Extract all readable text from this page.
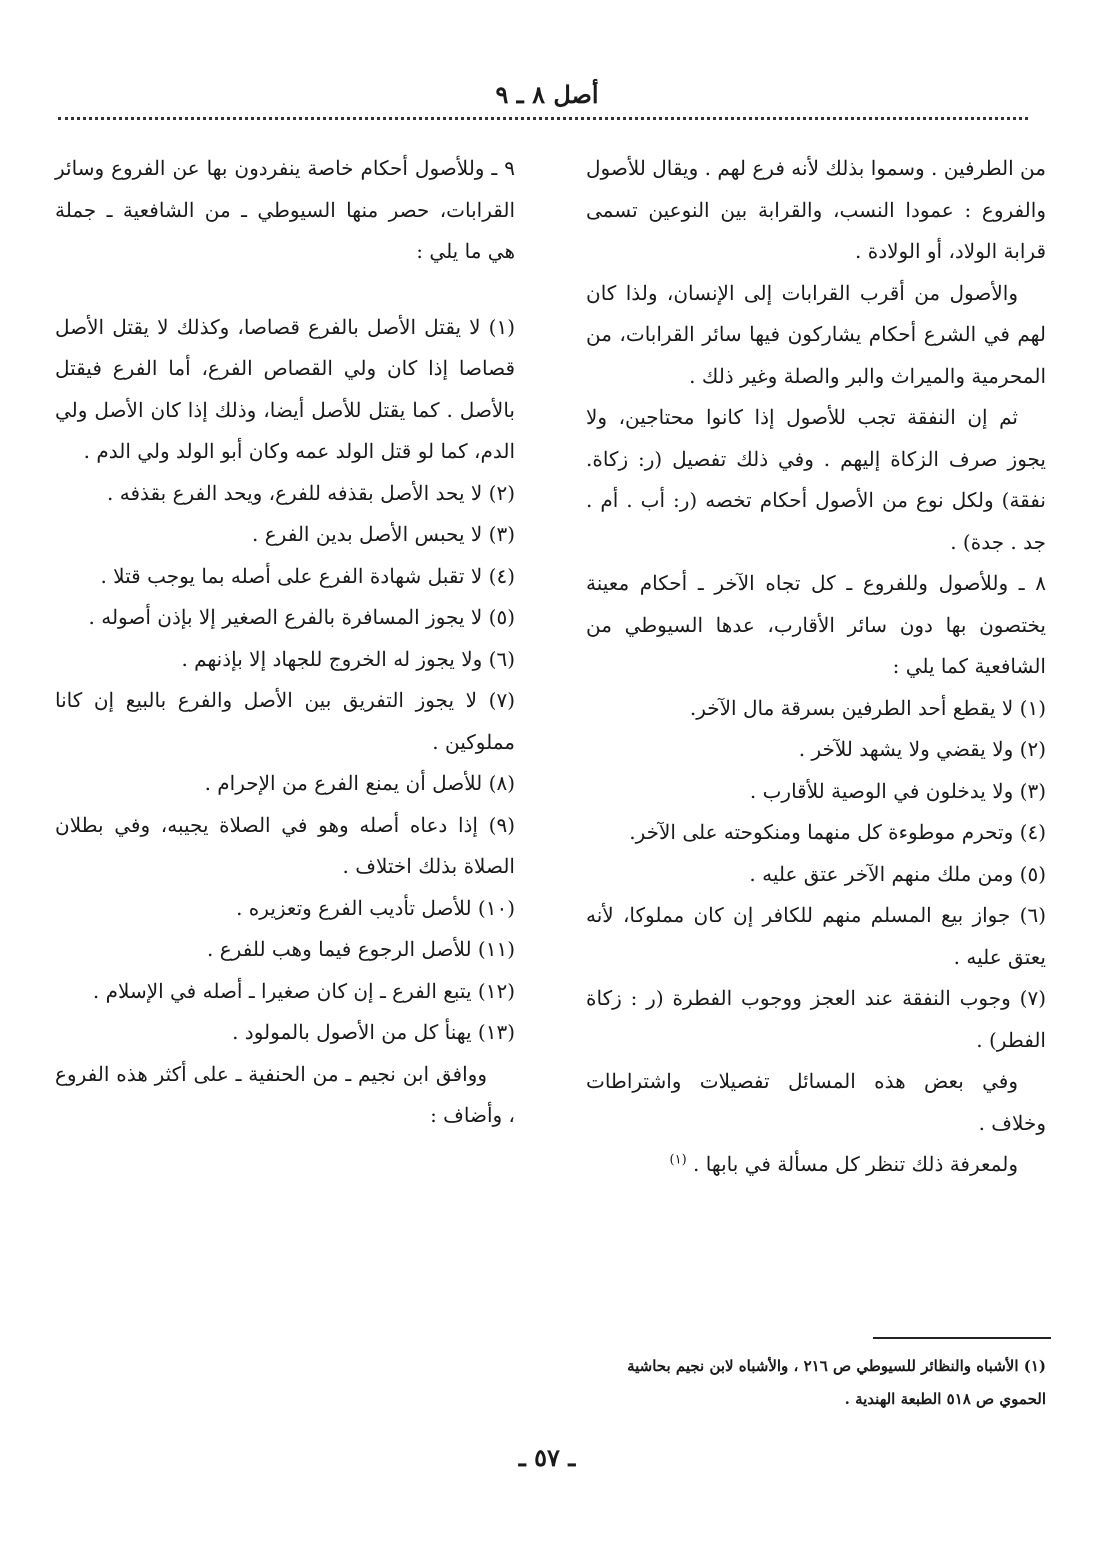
أصل ٨ ـ ٩

من الطرفين . وسموا بذلك لأنه فرع لهم . ويقال للأصول والفروع : عمودا النسب، والقرابة بين النوعين تسمى قرابة الولاد، أو الولادة .

والأصول من أقرب القرابات إلى الإنسان، ولذا كان لهم في الشرع أحكام يشاركون فيها سائر القرابات، من المحرمية والميراث والبر والصلة وغير ذلك .

ثم إن النفقة تجب للأصول إذا كانوا محتاجين، ولا يجوز صرف الزكاة إليهم . وفي ذلك تفصيل (ر: زكاة. نفقة) ولكل نوع من الأصول أحكام تخصه (ر: أب . أم . جد . جدة) .

٨ ـ وللأصول وللفروع ـ كل تجاه الآخر ـ أحكام معينة يختصون بها دون سائر الأقارب، عدها السيوطي من الشافعية كما يلي :

(١) لا يقطع أحد الطرفين بسرقة مال الآخر.

(٢) ولا يقضي ولا يشهد للآخر .

(٣) ولا يدخلون في الوصية للأقارب .

(٤) وتحرم موطوءة كل منهما ومنكوحته على الآخر.

(٥) ومن ملك منهم الآخر عتق عليه .

(٦) جواز بيع المسلم منهم للكافر إن كان مملوكا، لأنه يعتق عليه .

(٧) وجوب النفقة عند العجز ووجوب الفطرة (ر : زكاة الفطر) .

وفي بعض هذه المسائل تفصيلات واشتراطات وخلاف .

ولمعرفة ذلك تنظر كل مسألة في بابها . $^{(١)}$

٩ ـ وللأصول أحكام خاصة ينفردون بها عن الفروع وسائر القرابات، حصر منها السيوطي ـ من الشافعية ـ جملة هي ما يلي :

(١) لا يقتل الأصل بالفرع قصاصا، وكذلك لا يقتل الأصل قصاصا إذا كان ولي القصاص الفرع، أما الفرع فيقتل بالأصل . كما يقتل للأصل أيضا، وذلك إذا كان الأصل ولي الدم، كما لو قتل الولد عمه وكان أبو الولد ولي الدم .

(٢) لا يحد الأصل بقذفه للفرع، ويحد الفرع بقذفه .

(٣) لا يحبس الأصل بدين الفرع .

(٤) لا تقبل شهادة الفرع على أصله بما يوجب قتلا .

(٥) لا يجوز المسافرة بالفرع الصغير إلا بإذن أصوله .

(٦) ولا يجوز له الخروج للجهاد إلا بإذنهم .

(٧) لا يجوز التفريق بين الأصل والفرع بالبيع إن كانا مملوكين .

(٨) للأصل أن يمنع الفرع من الإحرام .

(٩) إذا دعاه أصله وهو في الصلاة يجيبه، وفي بطلان الصلاة بذلك اختلاف .

(١٠) للأصل تأديب الفرع وتعزيره .

(١١) للأصل الرجوع فيما وهب للفرع .

(١٢) يتبع الفرع ـ إن كان صغيرا ـ أصله في الإسلام .

(١٣) يهنأ كل من الأصول بالمولود .

ووافق ابن نجيم ـ من الحنفية ـ على أكثر هذه الفروع ، وأضاف :

(١) الأشباه والنظائر للسيوطي ص ٢١٦ ، والأشباه لابن نجيم بحاشية الحموي ص ٥١٨ الطبعة الهندية .
ـ ٥٧ ـ
